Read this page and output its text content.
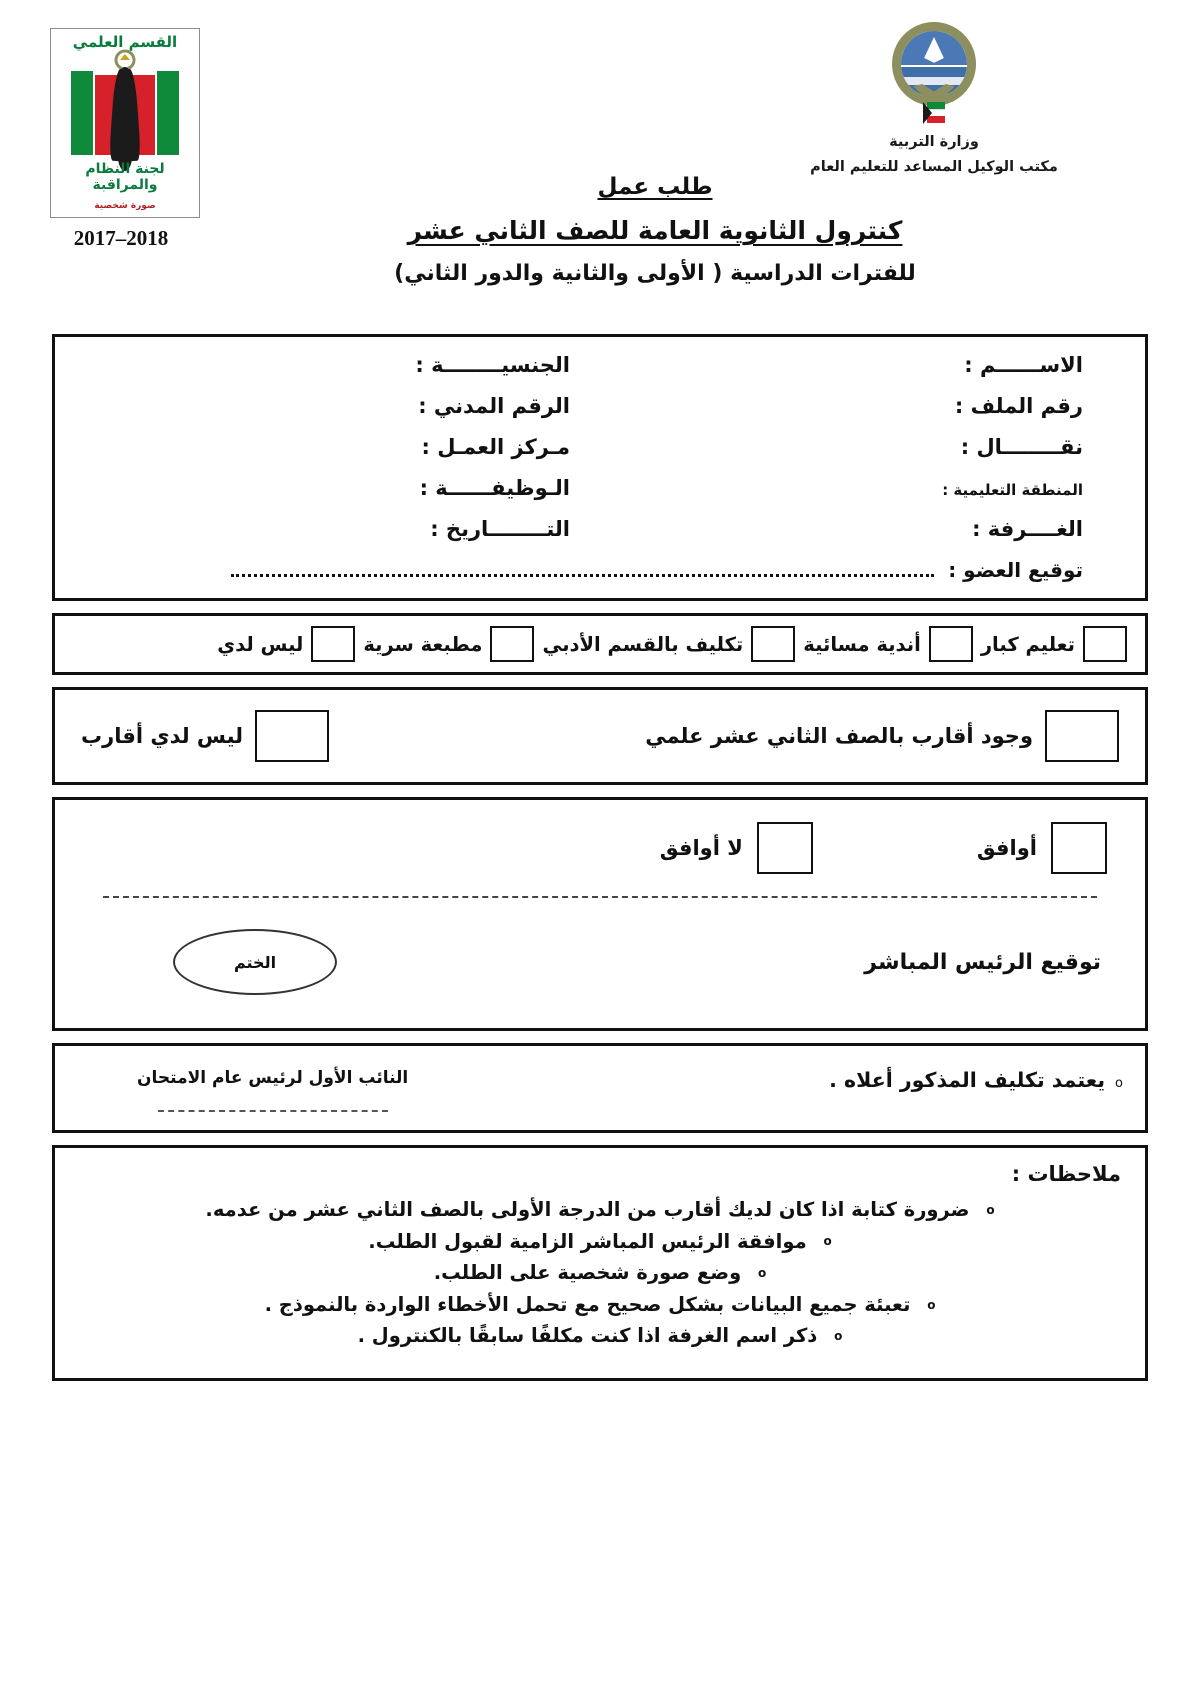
القسم العلمي
لجنة النظام والمراقبة
صورة شخصية
2017–2018
وزارة التربية
مكتب الوكيل المساعد للتعليم العام
طلب عمل
كنترول الثانوية العامة للصف الثاني عشر
للفترات الدراسية ( الأولى والثانية والدور الثاني)
الاســــــم :
الجنسيــــــــة :
رقم الملف :
الرقم المدني :
نقــــــــال :
مـركز العمـل :
المنطقة التعليمية :
الـوظيفــــــة :
الغــــرفة :
التــــــــاريخ :
توقيع العضو :
تعليم كبار
أندية مسائية
تكليف بالقسم الأدبي
مطبعة سرية
ليس لدي
وجود أقارب بالصف الثاني عشر علمي
ليس لدي أقارب
أوافق
لا أوافق
توقيع الرئيس المباشر
الختم
o
يعتمد تكليف المذكور أعلاه .
النائب الأول لرئيس عام الامتحان
ملاحظات :
o ضرورة كتابة اذا كان لديك أقارب من الدرجة الأولى بالصف الثاني عشر من عدمه.
o موافقة الرئيس المباشر الزامية لقبول الطلب.
o وضع صورة شخصية على الطلب.
o تعبئة جميع البيانات بشكل صحيح مع تحمل الأخطاء الواردة بالنموذج .
o ذكر اسم الغرفة اذا كنت مكلفًا سابقًا بالكنترول .
